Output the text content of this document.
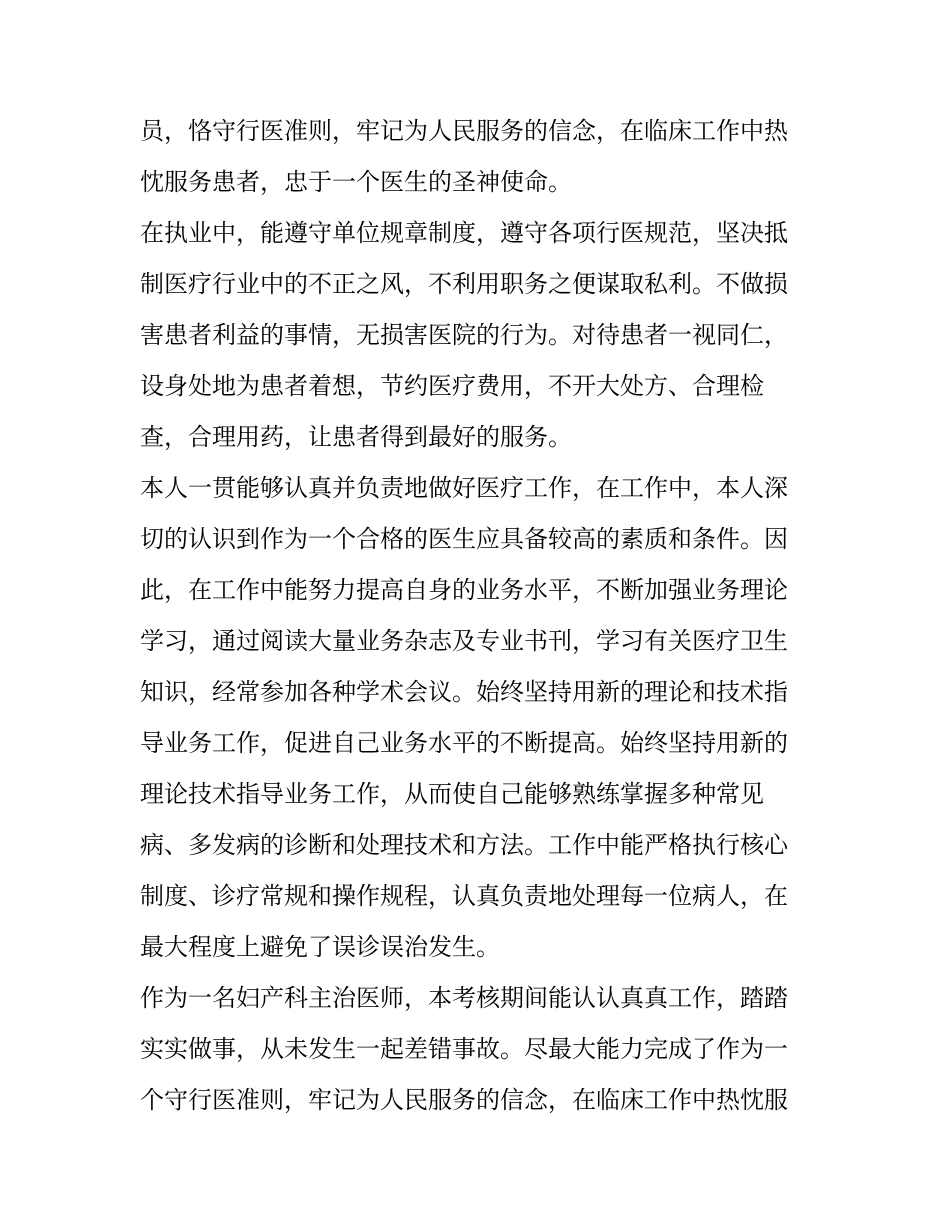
员，恪守行医准则，牢记为人民服务的信念，在临床工作中热
忱服务患者，忠于一个医生的圣神使命。
在执业中，能遵守单位规章制度，遵守各项行医规范，坚决抵
制医疗行业中的不正之风，不利用职务之便谋取私利。不做损
害患者利益的事情，无损害医院的行为。对待患者一视同仁，
设身处地为患者着想，节约医疗费用，不开大处方、合理检
查，合理用药，让患者得到最好的服务。
本人一贯能够认真并负责地做好医疗工作，在工作中，本人深
切的认识到作为一个合格的医生应具备较高的素质和条件。因
此，在工作中能努力提高自身的业务水平，不断加强业务理论
学习，通过阅读大量业务杂志及专业书刊，学习有关医疗卫生
知识，经常参加各种学术会议。始终坚持用新的理论和技术指
导业务工作，促进自己业务水平的不断提高。始终坚持用新的
理论技术指导业务工作，从而使自己能够熟练掌握多种常见
病、多发病的诊断和处理技术和方法。工作中能严格执行核心
制度、诊疗常规和操作规程，认真负责地处理每一位病人，在
最大程度上避免了误诊误治发生。
作为一名妇产科主治医师，本考核期间能认认真真工作，踏踏
实实做事，从未发生一起差错事故。尽最大能力完成了作为一
个守行医准则，牢记为人民服务的信念，在临床工作中热忱服
